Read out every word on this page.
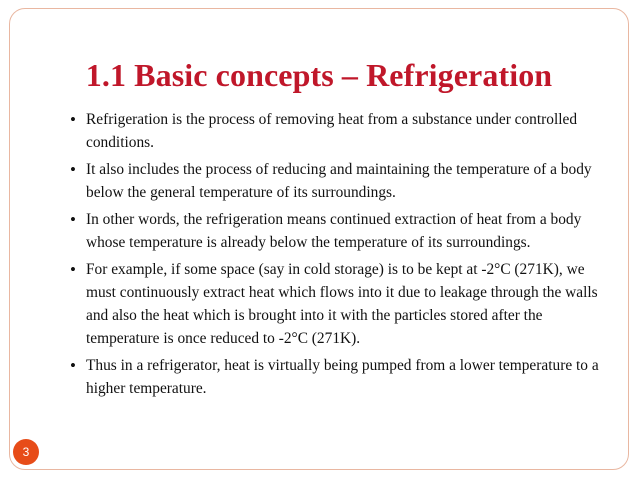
1.1 Basic concepts – Refrigeration
• Refrigeration is the process of removing heat from a substance under controlled conditions.
• It also includes the process of reducing and maintaining the temperature of a body below the general temperature of its surroundings.
• In other words, the refrigeration means continued extraction of heat from a body whose temperature is already below the temperature of its surroundings.
• For example, if some space (say in cold storage) is to be kept at -2°C (271K), we must continuously extract heat which flows into it due to leakage through the walls and also the heat which is brought into it with the particles stored after the temperature is once reduced to -2°C (271K).
• Thus in a refrigerator, heat is virtually being pumped from a lower temperature to a higher temperature.
3
